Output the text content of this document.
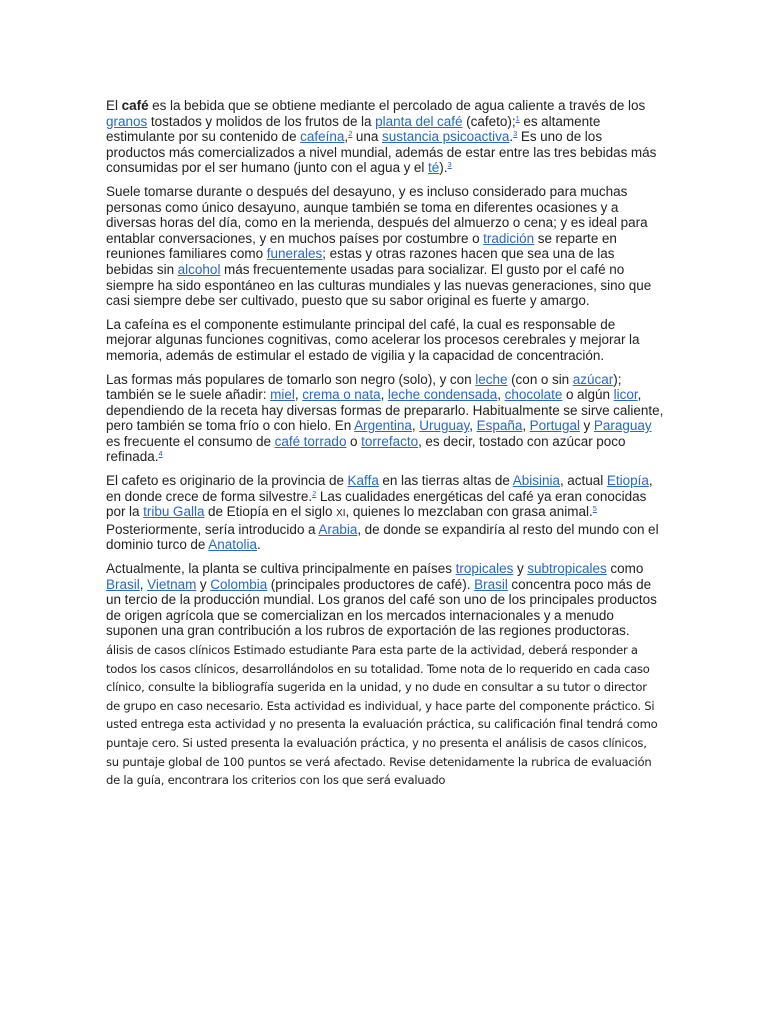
El café es la bebida que se obtiene mediante el percolado de agua caliente a través de los granos tostados y molidos de los frutos de la planta del café (cafeto);$^1$ es altamente estimulante por su contenido de cafeína,$^2$ una sustancia psicoactiva.$^3$ Es uno de los productos más comercializados a nivel mundial, además de estar entre las tres bebidas más consumidas por el ser humano (junto con el agua y el té).$^3$

Suele tomarse durante o después del desayuno, y es incluso considerado para muchas personas como único desayuno, aunque también se toma en diferentes ocasiones y a diversas horas del día, como en la merienda, después del almuerzo o cena; y es ideal para entablar conversaciones, y en muchos países por costumbre o tradición se reparte en reuniones familiares como funerales; estas y otras razones hacen que sea una de las bebidas sin alcohol más frecuentemente usadas para socializar. El gusto por el café no siempre ha sido espontáneo en las culturas mundiales y las nuevas generaciones, sino que casi siempre debe ser cultivado, puesto que su sabor original es fuerte y amargo.

La cafeína es el componente estimulante principal del café, la cual es responsable de mejorar algunas funciones cognitivas, como acelerar los procesos cerebrales y mejorar la memoria, además de estimular el estado de vigilia y la capacidad de concentración.

Las formas más populares de tomarlo son negro (solo), y con leche (con o sin azúcar); también se le suele añadir: miel, crema o nata, leche condensada, chocolate o algún licor, dependiendo de la receta hay diversas formas de prepararlo. Habitualmente se sirve caliente, pero también se toma frío o con hielo. En Argentina, Uruguay, España, Portugal y Paraguay es frecuente el consumo de café torrado o torrefacto, es decir, tostado con azúcar poco refinada.$^4$

El cafeto es originario de la provincia de Kaffa en las tierras altas de Abisinia, actual Etiopía, en donde crece de forma silvestre.$^2$ Las cualidades energéticas del café ya eran conocidas por la tribu Galla de Etiopía en el siglo XI, quienes lo mezclaban con grasa animal.$^5$ Posteriormente, sería introducido a Arabia, de donde se expandiría al resto del mundo con el dominio turco de Anatolia.

Actualmente, la planta se cultiva principalmente en países tropicales y subtropicales como Brasil, Vietnam y Colombia (principales productores de café). Brasil concentra poco más de un tercio de la producción mundial. Los granos del café son uno de los principales productos de origen agrícola que se comercializan en los mercados internacionales y a menudo suponen una gran contribución a los rubros de exportación de las regiones productoras.

álisis de casos clínicos Estimado estudiante Para esta parte de la actividad, deberá responder a todos los casos clínicos, desarrollándolos en su totalidad. Tome nota de lo requerido en cada caso clínico, consulte la bibliografía sugerida en la unidad, y no dude en consultar a su tutor o director de grupo en caso necesario. Esta actividad es individual, y hace parte del componente práctico. Si usted entrega esta actividad y no presenta la evaluación práctica, su calificación final tendrá como puntaje cero. Si usted presenta la evaluación práctica, y no presenta el análisis de casos clínicos, su puntaje global de 100 puntos se verá afectado. Revise detenidamente la rubrica de evaluación de la guía, encontrara los criterios con los que será evaluado
